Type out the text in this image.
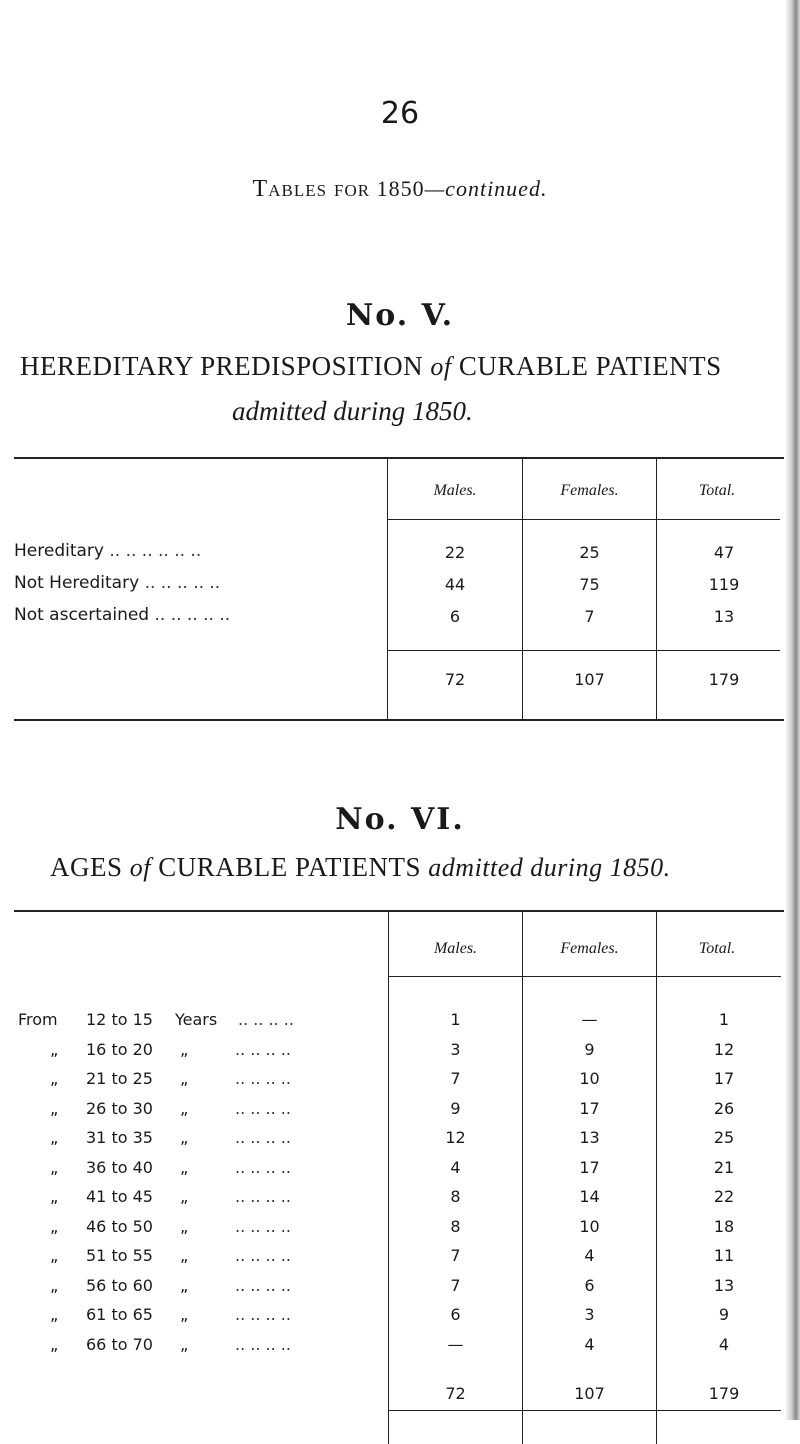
26
Tables for 1850—continued.
No. V.
HEREDITARY PREDISPOSITION of CURABLE PATIENTS
admitted during 1850.
Males.	Females.	Total.
Hereditary .. .. .. .. .. ..	22	25	47
Not Hereditary .. .. .. .. ..	44	75	119
Not ascertained .. .. .. .. ..	6	7	13
72	107	179
No. VI.
AGES of CURABLE PATIENTS admitted during 1850.
Males.	Females.	Total.
From 12 to 15 Years .. .. .. ..	1	—	1
„ 16 to 20 „	.. .. .. ..	3	9	12
„ 21 to 25 „	.. .. .. ..	7	10	17
„ 26 to 30 „	.. .. .. ..	9	17	26
„ 31 to 35 „	.. .. .. ..	12	13	25
„ 36 to 40 „	.. .. .. ..	4	17	21
„ 41 to 45 „	.. .. .. ..	8	14	22
„ 46 to 50 „	.. .. .. ..	8	10	18
„ 51 to 55 „	.. .. .. ..	7	4	11
„ 56 to 60 „	.. .. .. ..	7	6	13
„ 61 to 65 „	.. .. .. ..	6	3	9
„ 66 to 70 „	.. .. .. ..	—	4	4
72	107	179
